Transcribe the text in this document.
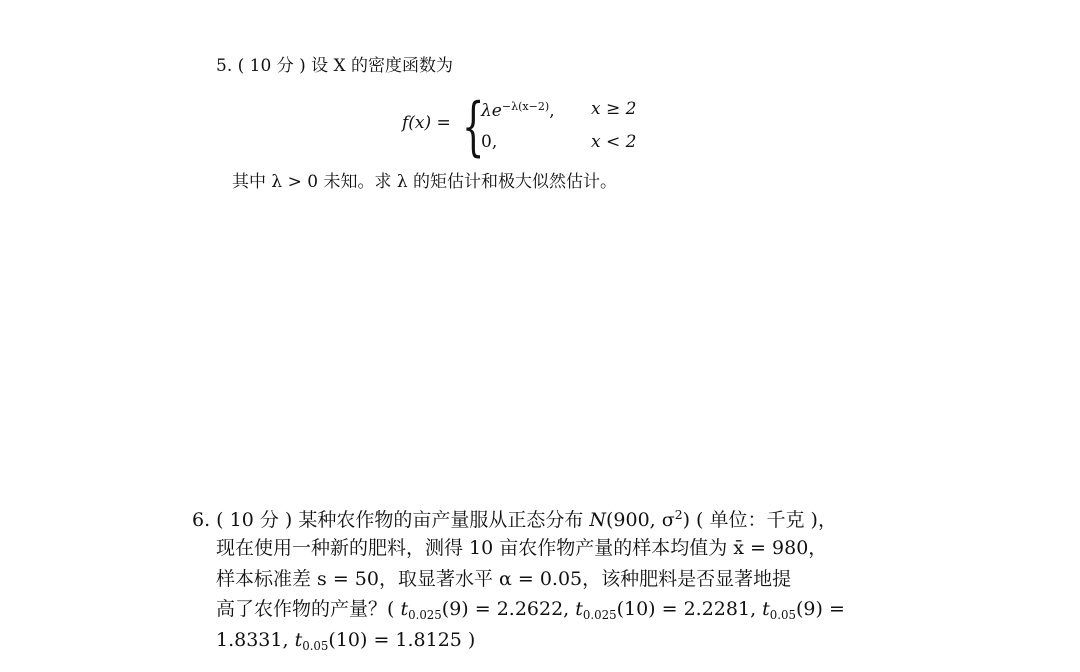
5. ( 10 分 ) 设 X 的密度函数为
f(x) = {
$\lambda e^{-\lambda(x-2)}$, x ≥ 2
0,	x < 2
其中 λ > 0 未知。求 λ 的矩估计和极大似然估计。
6. ( 10 分 ) 某种农作物的亩产量服从正态分布 N(900, $\sigma^2$) ( 单位：千克 )，
现在使用一种新的肥料，测得 10 亩农作物产量的样本均值为 x̄ = 980，
样本标准差 s = 50，取显著水平 α = 0.05，该种肥料是否显著地提
高了农作物的产量？( $t_{0.025}(9) = 2.2622$, $t_{0.025}(10) = 2.2281$, $t_{0.05}(9)$ =
1.8331, $t_{0.05}(10) = 1.8125$ )
